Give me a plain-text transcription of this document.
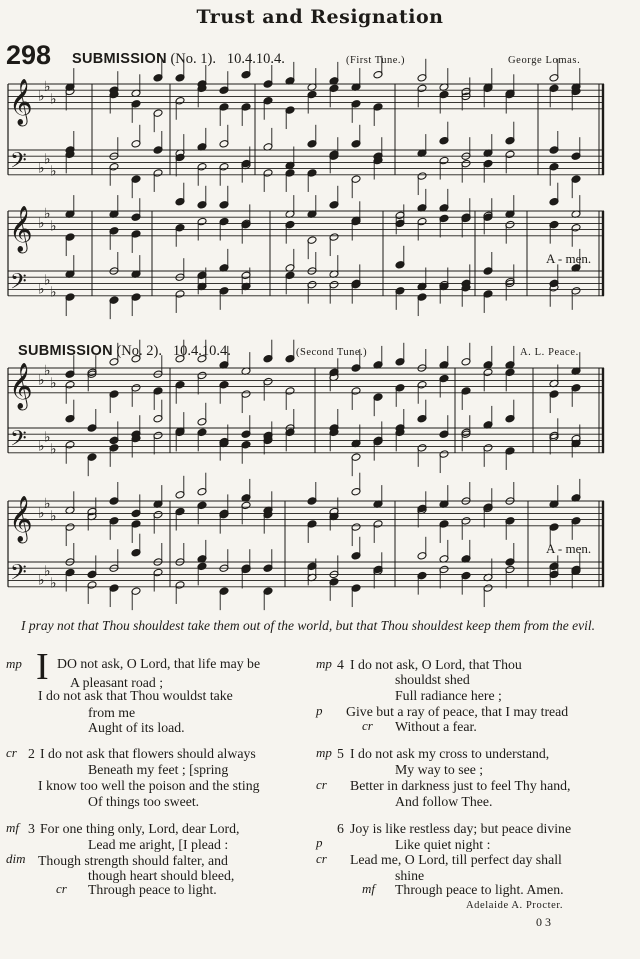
Trust and Resignation
298 SUBMISSION (No. 1). 10.4.10.4.	(First Tune.)	George Lomas.
SUBMISSION (No. 2). 10.4.10.4.	(Second Tune.)	A. L. Peace.
𝄞 ♭
♭
♭
𝄢 ♭
♭
♭
𝄞 ♭
♭
♭
𝄢 ♭
♭
♭
𝄞 ♭
♭
♭
𝄢 ♭
♭
♭
𝄞 ♭
♭
♭
𝄢 ♭
♭
♭
A - men.
A - men.
I pray not that Thou shouldest take them out of the world, but that Thou shouldest keep them from the evil.
mp I DO not ask, O Lord, that life may be
A pleasant road ;
I do not ask that Thou wouldst take
from me
Aught of its load.
cr 2 I do not ask that flowers should always
Beneath my feet ; [spring
I know too well the poison and the sting
Of things too sweet.
mf 3 For one thing only, Lord, dear Lord,
Lead me aright, [I plead :
dim Though strength should falter, and
though heart should bleed,
cr Through peace to light.
mp 4 I do not ask, O Lord, that Thou
shouldst shed
Full radiance here ;
p Give but a ray of peace, that I may tread
cr Without a fear.
mp 5 I do not ask my cross to understand,
My way to see ;
cr Better in darkness just to feel Thy hand,
And follow Thee.
6 Joy is like restless day; but peace divine
p	Like quiet night :
cr Lead me, O Lord, till perfect day shall
shine
mf Through peace to light. Amen.
Adelaide A. Procter.
0 3
